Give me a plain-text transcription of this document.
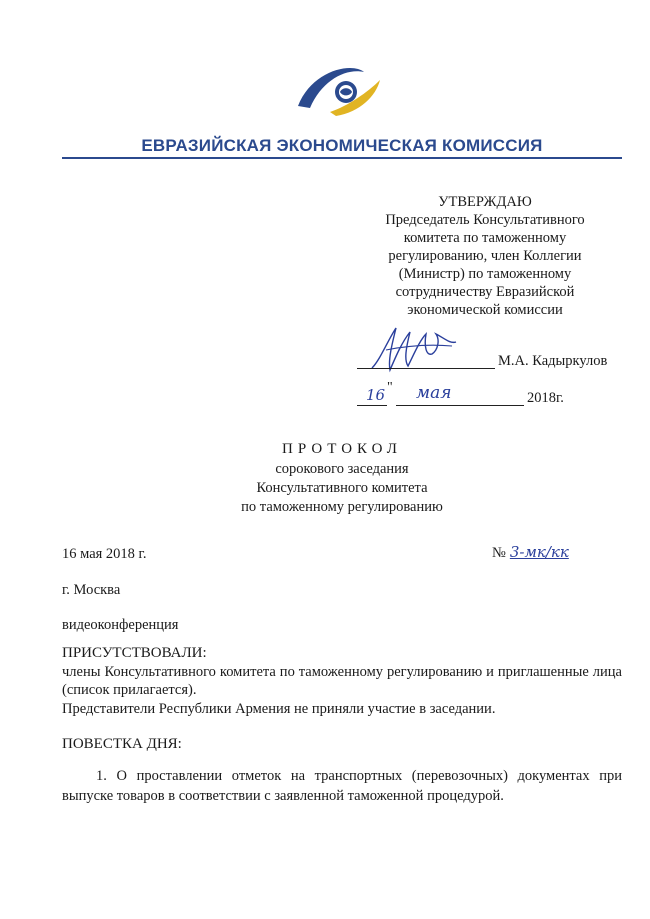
ЕВРАЗИЙСКАЯ ЭКОНОМИЧЕСКАЯ КОМИССИЯ
УТВЕРЖДАЮ
Председатель Консультативного
комитета по таможенному
регулированию, член Коллегии
(Министр) по таможенному
сотрудничеству Евразийской
экономической комиссии
М.А. Кадыркулов
16 " мая	2018г.
ПРОТОКОЛ
сорокового заседания
Консультативного комитета
по таможенному регулированию
16 мая 2018 г.	№ 3-мк/кк
г. Москва
видеоконференция
ПРИСУТСТВОВАЛИ:
члены Консультативного комитета по таможенному регулированию и приглашенные лица (список прилагается).
Представители Республики Армения не приняли участие в заседании.
ПОВЕСТКА ДНЯ:
1. О проставлении отметок на транспортных (перевозочных) документах при выпуске товаров в соответствии с заявленной таможенной процедурой.
